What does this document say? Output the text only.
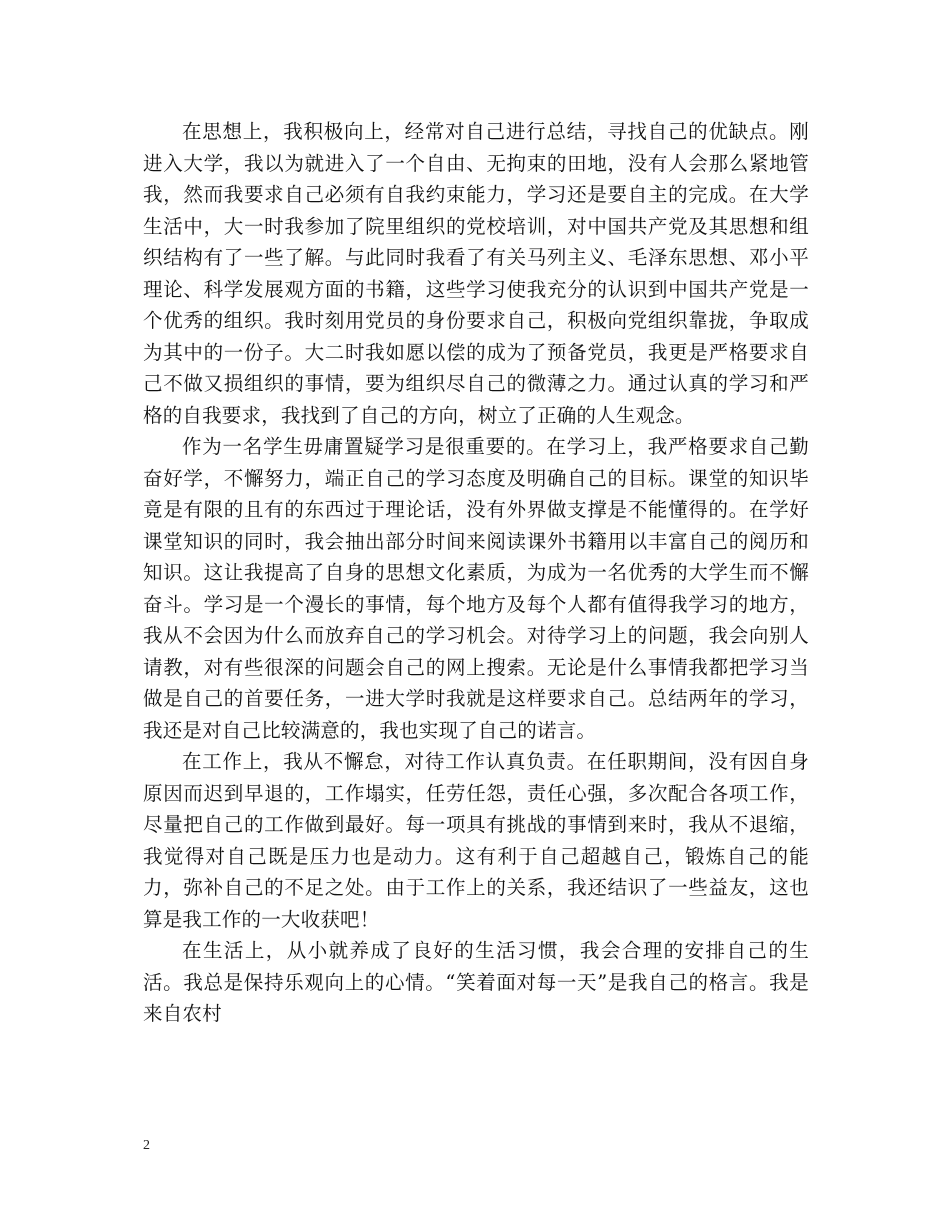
在思想上，我积极向上，经常对自己进行总结，寻找自己的优缺点。刚进入大学，我以为就进入了一个自由、无拘束的田地，没有人会那么紧地管我，然而我要求自己必须有自我约束能力，学习还是要自主的完成。在大学生活中，大一时我参加了院里组织的党校培训，对中国共产党及其思想和组织结构有了一些了解。与此同时我看了有关马列主义、毛泽东思想、邓小平理论、科学发展观方面的书籍，这些学习使我充分的认识到中国共产党是一个优秀的组织。我时刻用党员的身份要求自己，积极向党组织靠拢，争取成为其中的一份子。大二时我如愿以偿的成为了预备党员，我更是严格要求自己不做又损组织的事情，要为组织尽自己的微薄之力。通过认真的学习和严格的自我要求，我找到了自己的方向，树立了正确的人生观念。

作为一名学生毋庸置疑学习是很重要的。在学习上，我严格要求自己勤奋好学，不懈努力，端正自己的学习态度及明确自己的目标。课堂的知识毕竟是有限的且有的东西过于理论话，没有外界做支撑是不能懂得的。在学好课堂知识的同时，我会抽出部分时间来阅读课外书籍用以丰富自己的阅历和知识。这让我提高了自身的思想文化素质，为成为一名优秀的大学生而不懈奋斗。学习是一个漫长的事情，每个地方及每个人都有值得我学习的地方，我从不会因为什么而放弃自己的学习机会。对待学习上的问题，我会向别人请教，对有些很深的问题会自己的网上搜索。无论是什么事情我都把学习当做是自己的首要任务，一进大学时我就是这样要求自己。总结两年的学习，我还是对自己比较满意的，我也实现了自己的诺言。

在工作上，我从不懈怠，对待工作认真负责。在任职期间，没有因自身原因而迟到早退的，工作塌实，任劳任怨，责任心强，多次配合各项工作，尽量把自己的工作做到最好。每一项具有挑战的事情到来时，我从不退缩，我觉得对自己既是压力也是动力。这有利于自己超越自己，锻炼自己的能力，弥补自己的不足之处。由于工作上的关系，我还结识了一些益友，这也算是我工作的一大收获吧！

在生活上，从小就养成了良好的生活习惯，我会合理的安排自己的生活。我总是保持乐观向上的心情。“笑着面对每一天”是我自己的格言。我是来自农村

2
